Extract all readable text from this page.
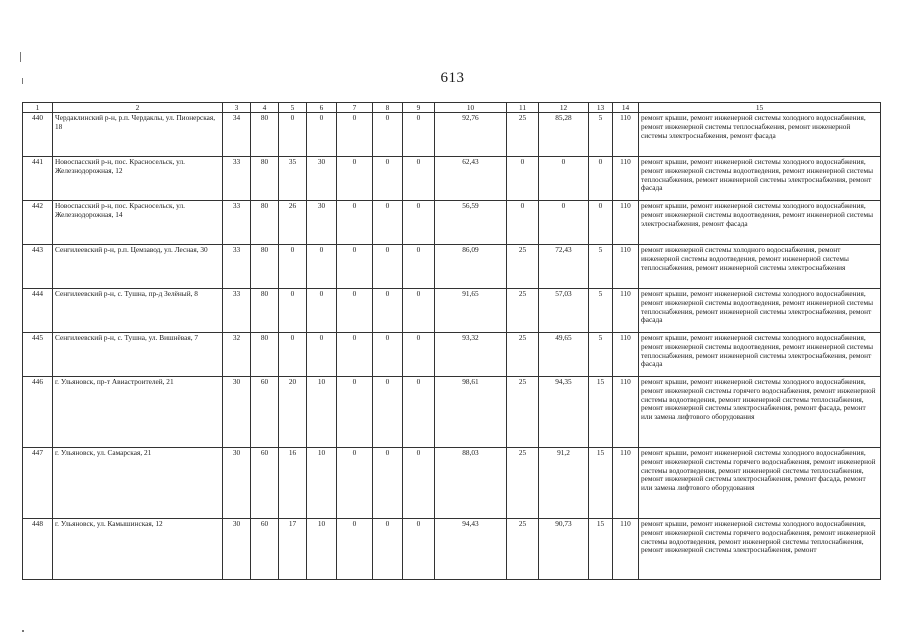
613
1	2	3	4	5	6	7	8	9	10	11	12	13	14	15
440	Чердаклинский р-н, р.п. Чердаклы, ул. Пионерская, 18	34	80	0	0	0	0	0	92,76	25	85,28	5	110	ремонт крыши, ремонт инженерной системы холодного водоснабжения, ремонт инженерной системы теплоснабжения, ремонт инженерной системы электроснабжения, ремонт фасада
441	Новоспасский р-н, пос. Красносельск, ул. Железнодорожная, 12	33	80	35	30	0	0	0	62,43	0	0	0	110	ремонт крыши, ремонт инженерной системы холодного водоснабжения, ремонт инженерной системы водоотведения, ремонт инженерной системы теплоснабжения, ремонт инженерной системы электроснабжения, ремонт фасада
442	Новоспасский р-н, пос. Красносельск, ул. Железнодорожная, 14	33	80	26	30	0	0	0	56,59	0	0	0	110	ремонт крыши, ремонт инженерной системы холодного водоснабжения, ремонт инженерной системы водоотведения, ремонт инженерной системы электроснабжения, ремонт фасада
443	Сенгилеевский р-н, р.п. Цемзавод, ул. Лесная, 30	33	80	0	0	0	0	0	86,09	25	72,43	5	110	ремонт инженерной системы холодного водоснабжения, ремонт инженерной системы водоотведения, ремонт инженерной системы теплоснабжения, ремонт инженерной системы электроснабжения
444	Сенгилеевский р-н, с. Тушна, пр-д Зелёный, 8	33	80	0	0	0	0	0	91,65	25	57,03	5	110	ремонт крыши, ремонт инженерной системы холодного водоснабжения, ремонт инженерной системы водоотведения, ремонт инженерной системы теплоснабжения, ремонт инженерной системы электроснабжения, ремонт фасада
445	Сенгилеевский р-н, с. Тушна, ул. Вишнёвая, 7	32	80	0	0	0	0	0	93,32	25	49,65	5	110	ремонт крыши, ремонт инженерной системы холодного водоснабжения, ремонт инженерной системы водоотведения, ремонт инженерной системы теплоснабжения, ремонт инженерной системы электроснабжения, ремонт фасада
446	г. Ульяновск, пр-т Авиастроителей, 21	30	60	20	10	0	0	0	98,61	25	94,35	15	110	ремонт крыши, ремонт инженерной системы холодного водоснабжения, ремонт инженерной системы горячего водоснабжения, ремонт инженерной системы водоотведения, ремонт инженерной системы теплоснабжения, ремонт инженерной системы электроснабжения, ремонт фасада, ремонт или замена лифтового оборудования
447	г. Ульяновск, ул. Самарская, 21	30	60	16	10	0	0	0	88,03	25	91,2	15	110	ремонт крыши, ремонт инженерной системы холодного водоснабжения, ремонт инженерной системы горячего водоснабжения, ремонт инженерной системы водоотведения, ремонт инженерной системы теплоснабжения, ремонт инженерной системы электроснабжения, ремонт фасада, ремонт или замена лифтового оборудования
448	г. Ульяновск, ул. Камышинская, 12	30	60	17	10	0	0	0	94,43	25	90,73	15	110	ремонт крыши, ремонт инженерной системы холодного водоснабжения, ремонт инженерной системы горячего водоснабжения, ремонт инженерной системы водоотведения, ремонт инженерной системы теплоснабжения, ремонт инженерной системы электроснабжения, ремонт
